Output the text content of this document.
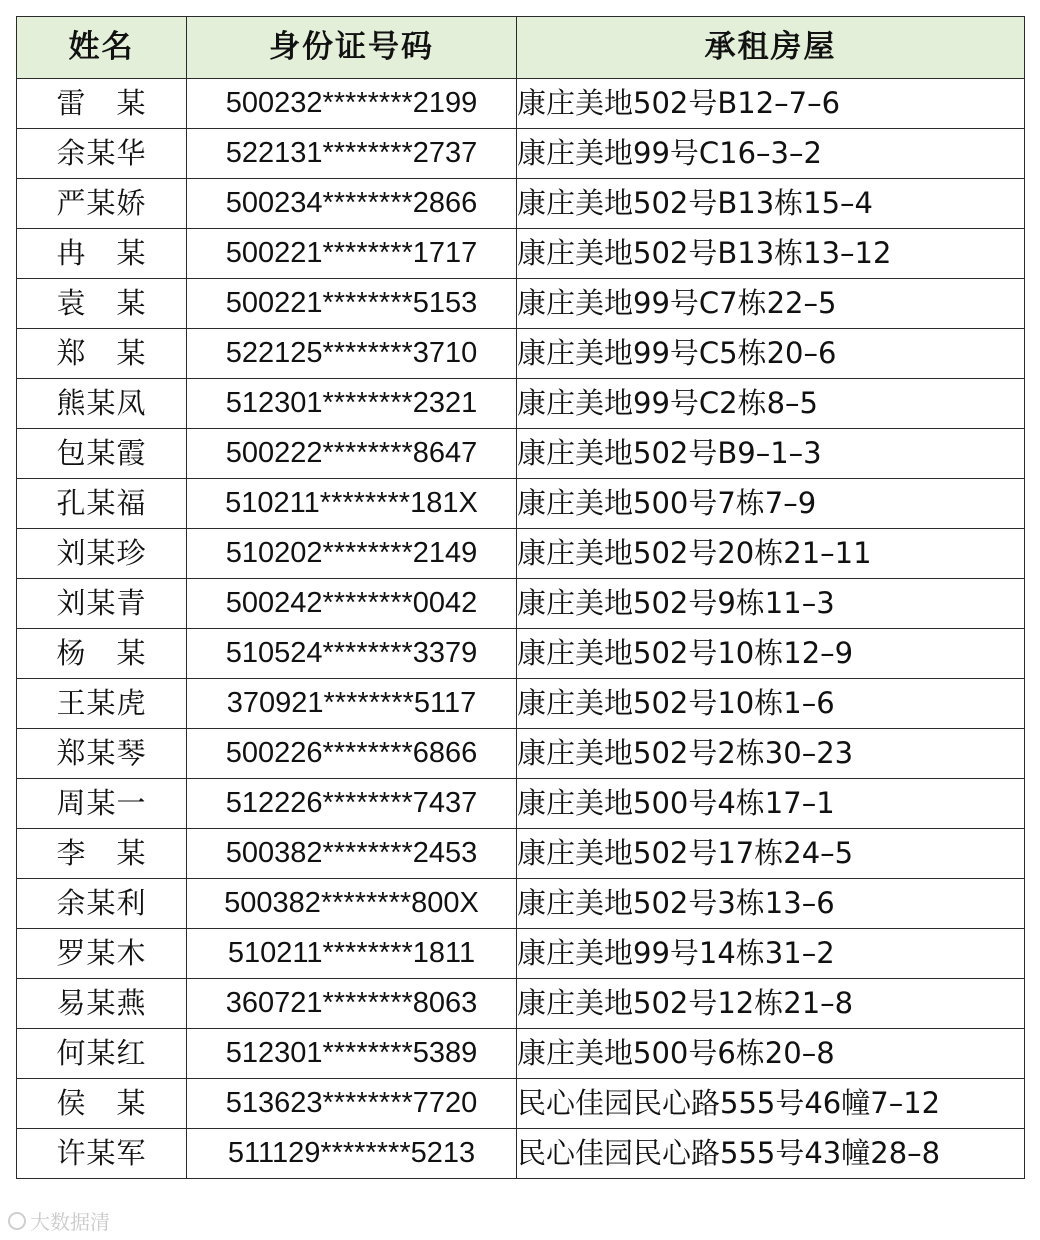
姓名	身份证号码	承租房屋
雷　某	500232********2199	康庄美地502号B12–7–6
余某华	522131********2737	康庄美地99号C16–3–2
严某娇	500234********2866	康庄美地502号B13栋15–4
冉　某	500221********1717	康庄美地502号B13栋13–12
袁　某	500221********5153	康庄美地99号C7栋22–5
郑　某	522125********3710	康庄美地99号C5栋20–6
熊某凤	512301********2321	康庄美地99号C2栋8–5
包某霞	500222********8647	康庄美地502号B9–1–3
孔某福	510211********181X	康庄美地500号7栋7–9
刘某珍	510202********2149	康庄美地502号20栋21–11
刘某青	500242********0042	康庄美地502号9栋11–3
杨　某	510524********3379	康庄美地502号10栋12–9
王某虎	370921********5117	康庄美地502号10栋1–6
郑某琴	500226********6866	康庄美地502号2栋30–23
周某一	512226********7437	康庄美地500号4栋17–1
李　某	500382********2453	康庄美地502号17栋24–5
余某利	500382********800X	康庄美地502号3栋13–6
罗某木	510211********1811	康庄美地99号14栋31–2
易某燕	360721********8063	康庄美地502号12栋21–8
何某红	512301********5389	康庄美地500号6栋20–8
侯　某	513623********7720	民心佳园民心路555号46幢7–12
许某军	511129********5213	民心佳园民心路555号43幢28–8
大数据清
